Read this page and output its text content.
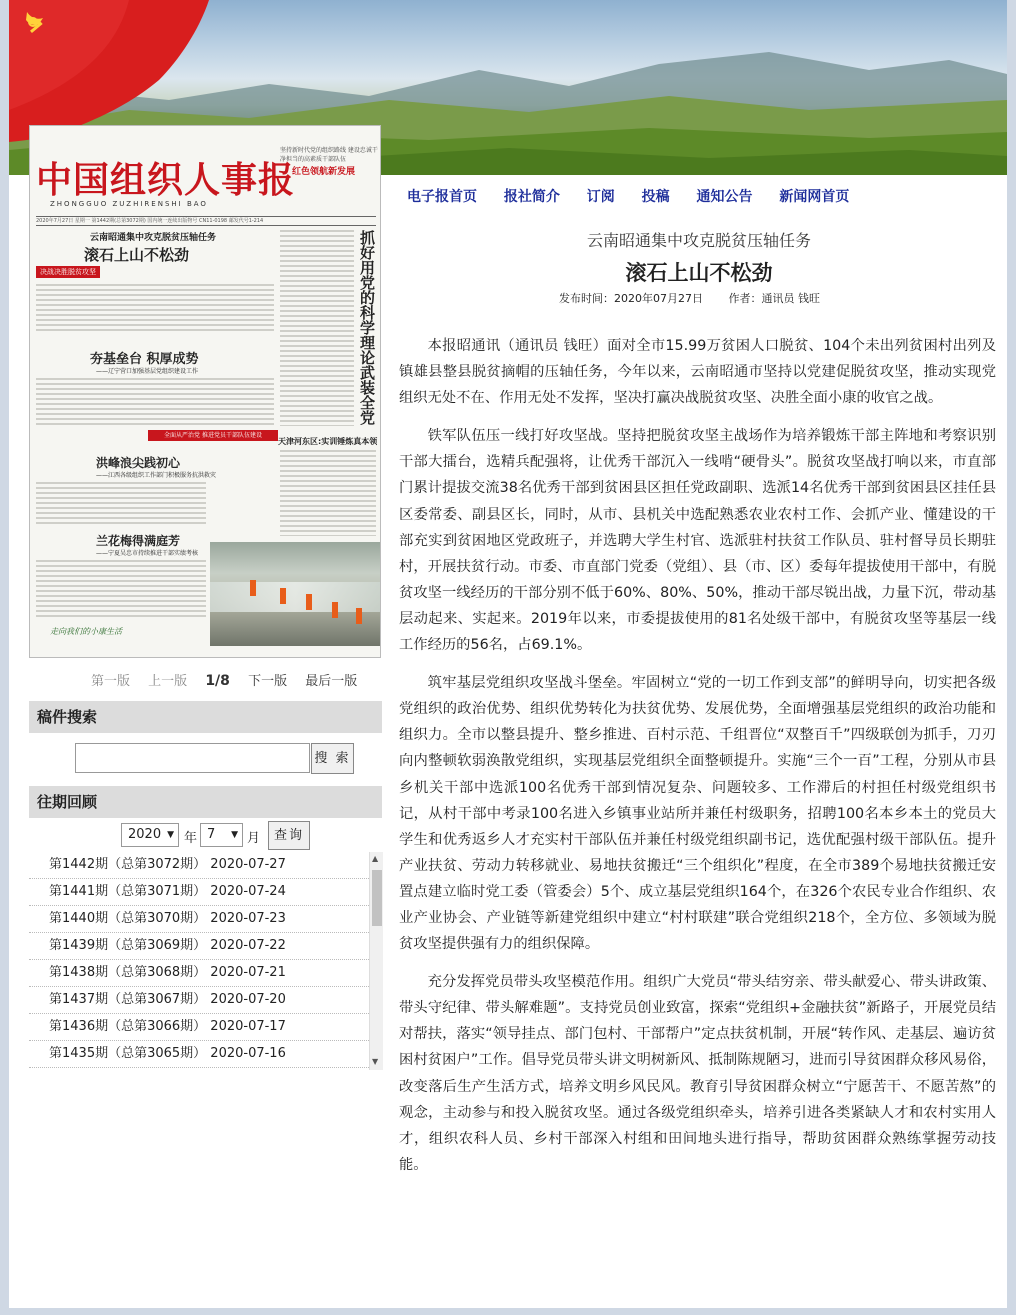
中国组织人事报
ZHONGGUO ZUZHIRENSHI BAO
坚持新时代党的组织路线 建设忠诚干净担当的高素质干部队伍
红色领航新发展
2020年7月27日 星期一 第1442期(总第3072期) 国内统一连续出版物号 CN11-0198 邮发代号1-214
云南昭通集中攻克脱贫压轴任务
滚石上山不松劲	抓好用党的科学理论武装全党
决战决胜脱贫攻坚
夯基垒台 积厚成势
——辽宁营口加强基层党组织建设工作
全面从严治党 推进党员干部队伍建设
天津河东区:实训锤炼真本领
洪峰浪尖践初心
——江西各级组织工作部门积极服务抗洪救灾
兰花梅得满庭芳
——宁夏吴忠市持续推进干部实绩考核
走向我们的小康生活
第一版 上一版 1/8 下一版 最后一版
稿件搜索
搜 索
往期回顾
2020 ▼ 年 7 ▼ 月	查询
第1442期（总第3072期） 2020-07-27
第1441期（总第3071期） 2020-07-24
第1440期（总第3070期） 2020-07-23
第1439期（总第3069期） 2020-07-22
第1438期（总第3068期） 2020-07-21
第1437期（总第3067期） 2020-07-20
第1436期（总第3066期） 2020-07-17
第1435期（总第3065期） 2020-07-16
▲
▼
电子报首页 报社简介 订阅 投稿 通知公告 新闻网首页
云南昭通集中攻克脱贫压轴任务
滚石上山不松劲
发布时间：2020年07月27日 作者：通讯员 钱旺

本报昭通讯（通讯员 钱旺）面对全市15.99万贫困人口脱贫、104个未出列贫困村出列及镇雄县整县脱贫摘帽的压轴任务，今年以来，云南昭通市坚持以党建促脱贫攻坚，推动实现党组织无处不在、作用无处不发挥，坚决打赢决战脱贫攻坚、决胜全面小康的收官之战。

铁军队伍压一线打好攻坚战。坚持把脱贫攻坚主战场作为培养锻炼干部主阵地和考察识别干部大擂台，选精兵配强将，让优秀干部沉入一线啃“硬骨头”。脱贫攻坚战打响以来，市直部门累计提拔交流38名优秀干部到贫困县区担任党政副职、选派14名优秀干部到贫困县区挂任县区委常委、副县区长，同时，从市、县机关中选配熟悉农业农村工作、会抓产业、懂建设的干部充实到贫困地区党政班子，并选聘大学生村官、选派驻村扶贫工作队员、驻村督导员长期驻村，开展扶贫行动。市委、市直部门党委（党组）、县（市、区）委每年提拔使用干部中，有脱贫攻坚一线经历的干部分别不低于60%、80%、50%，推动干部尽锐出战，力量下沉，带动基层动起来、实起来。2019年以来，市委提拔使用的81名处级干部中，有脱贫攻坚等基层一线工作经历的56名，占69.1%。

筑牢基层党组织攻坚战斗堡垒。牢固树立“党的一切工作到支部”的鲜明导向，切实把各级党组织的政治优势、组织优势转化为扶贫优势、发展优势，全面增强基层党组织的政治功能和组织力。全市以整县提升、整乡推进、百村示范、千组晋位“双整百千”四级联创为抓手，刀刃向内整顿软弱涣散党组织，实现基层党组织全面整顿提升。实施“三个一百”工程，分别从市县乡机关干部中选派100名优秀干部到情况复杂、问题较多、工作滞后的村担任村级党组织书记，从村干部中考录100名进入乡镇事业站所并兼任村级职务，招聘100名本乡本土的党员大学生和优秀返乡人才充实村干部队伍并兼任村级党组织副书记，选优配强村级干部队伍。提升产业扶贫、劳动力转移就业、易地扶贫搬迁“三个组织化”程度，在全市389个易地扶贫搬迁安置点建立临时党工委（管委会）5个、成立基层党组织164个，在326个农民专业合作组织、农业产业协会、产业链等新建党组织中建立“村村联建”联合党组织218个，全方位、多领域为脱贫攻坚提供强有力的组织保障。

充分发挥党员带头攻坚模范作用。组织广大党员“带头结穷亲、带头献爱心、带头讲政策、带头守纪律、带头解难题”。支持党员创业致富，探索“党组织+金融扶贫”新路子，开展党员结对帮扶，落实“领导挂点、部门包村、干部帮户”定点扶贫机制，开展“转作风、走基层、遍访贫困村贫困户”工作。倡导党员带头讲文明树新风、抵制陈规陋习，进而引导贫困群众移风易俗，改变落后生产生活方式，培养文明乡风民风。教育引导贫困群众树立“宁愿苦干、不愿苦熬”的观念，主动参与和投入脱贫攻坚。通过各级党组织牵头，培养引进各类紧缺人才和农村实用人才，组织农科人员、乡村干部深入村组和田间地头进行指导，帮助贫困群众熟练掌握劳动技能。
